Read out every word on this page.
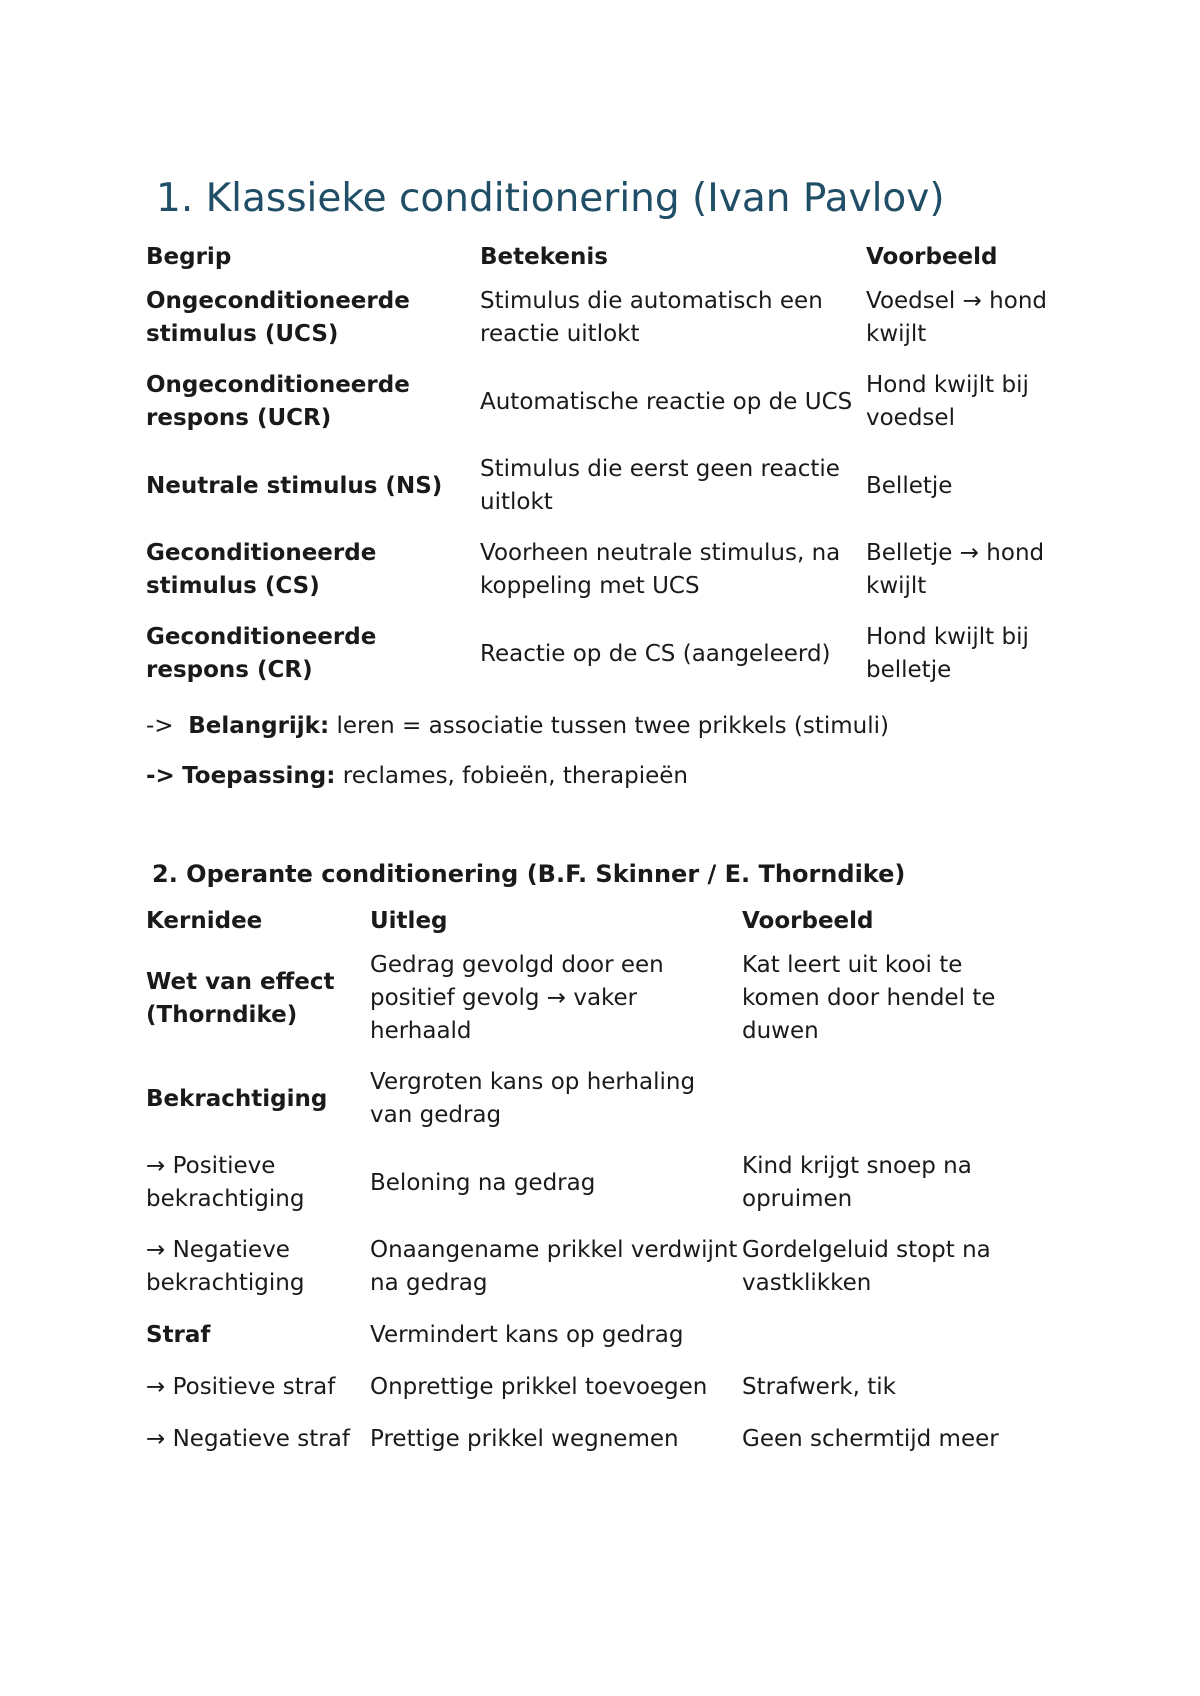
1. Klassieke conditionering (Ivan Pavlov)
Begrip	Betekenis	Voorbeeld
Ongeconditioneerde stimulus (UCS)	Stimulus die automatisch een reactie uitlokt	Voedsel → hond kwijlt
Ongeconditioneerde respons (UCR)	Automatische reactie op de UCS	Hond kwijlt bij voedsel
Neutrale stimulus (NS)	Stimulus die eerst geen reactie uitlokt	Belletje
Geconditioneerde stimulus (CS)	Voorheen neutrale stimulus, na koppeling met UCS	Belletje → hond kwijlt
Geconditioneerde respons (CR)	Reactie op de CS (aangeleerd)	Hond kwijlt bij belletje
-> Belangrijk: leren = associatie tussen twee prikkels (stimuli)
-> Toepassing: reclames, fobieën, therapieën
2. Operante conditionering (B.F. Skinner / E. Thorndike)
Kernidee	Uitleg	Voorbeeld
Wet van effect (Thorndike)	Gedrag gevolgd door een positief gevolg → vaker herhaald	Kat leert uit kooi te komen door hendel te duwen
Bekrachtiging	Vergroten kans op herhaling van gedrag	
→ Positieve bekrachtiging	Beloning na gedrag	Kind krijgt snoep na opruimen
→ Negatieve bekrachtiging	Onaangename prikkel verdwijnt na gedrag	Gordelgeluid stopt na vastklikken
Straf	Vermindert kans op gedrag	
→ Positieve straf	Onprettige prikkel toevoegen	Strafwerk, tik
→ Negatieve straf	Prettige prikkel wegnemen	Geen schermtijd meer
